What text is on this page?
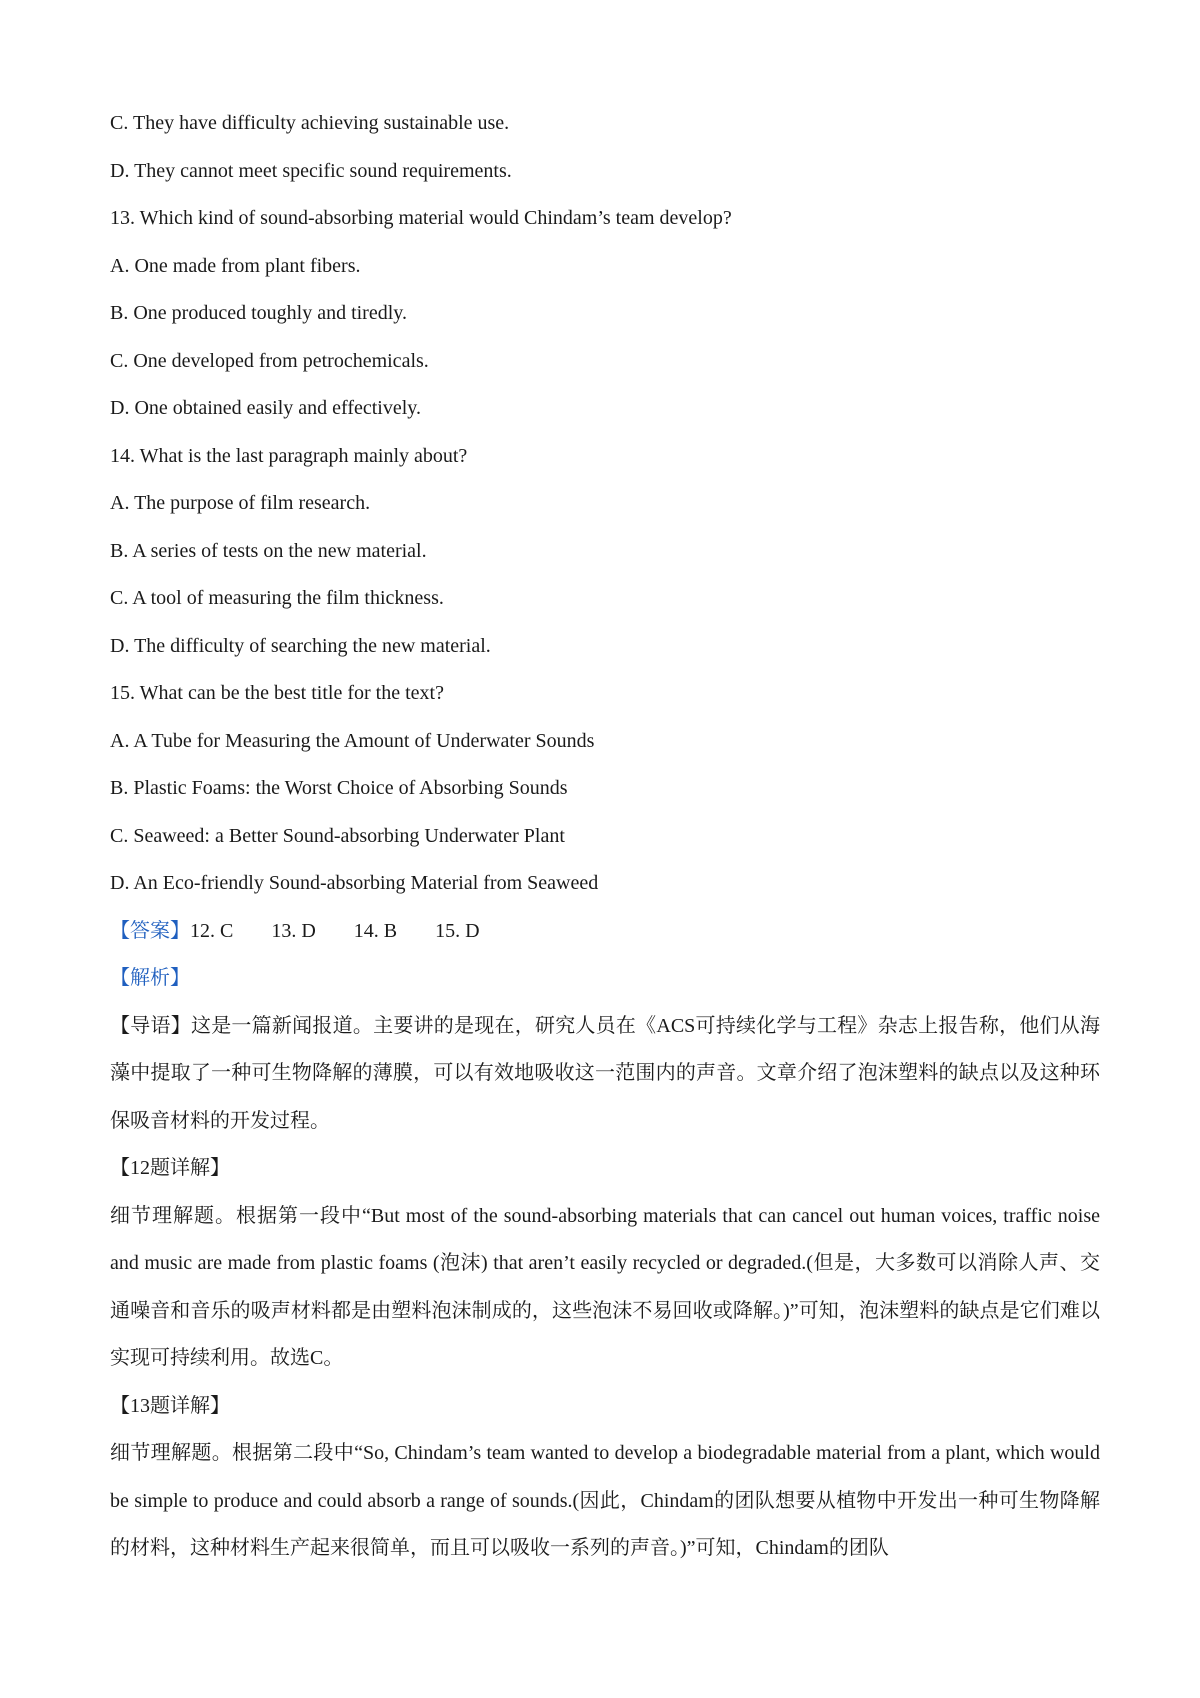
C. They have difficulty achieving sustainable use.
D. They cannot meet specific sound requirements.
13. Which kind of sound-absorbing material would Chindam’s team develop?
A. One made from plant fibers.
B. One produced toughly and tiredly.
C. One developed from petrochemicals.
D. One obtained easily and effectively.
14. What is the last paragraph mainly about?
A. The purpose of film research.
B. A series of tests on the new material.
C. A tool of measuring the film thickness.
D. The difficulty of searching the new material.
15. What can be the best title for the text?
A. A Tube for Measuring the Amount of Underwater Sounds
B. Plastic Foams: the Worst Choice of Absorbing Sounds
C. Seaweed: a Better Sound-absorbing Underwater Plant
D. An Eco-friendly Sound-absorbing Material from Seaweed
【答案】12. C 13. D 14. B 15. D
【解析】

【导语】这是一篇新闻报道。主要讲的是现在，研究人员在《ACS可持续化学与工程》杂志上报告称，他们从海藻中提取了一种可生物降解的薄膜，可以有效地吸收这一范围内的声音。文章介绍了泡沫塑料的缺点以及这种环保吸音材料的开发过程。

【12题详解】

细节理解题。根据第一段中“But most of the sound-absorbing materials that can cancel out human voices, traffic noise and music are made from plastic foams (泡沫) that aren’t easily recycled or degraded.(但是，大多数可以消除人声、交通噪音和音乐的吸声材料都是由塑料泡沫制成的，这些泡沫不易回收或降解。)”可知，泡沫塑料的缺点是它们难以实现可持续利用。故选C。

【13题详解】

细节理解题。根据第二段中“So, Chindam’s team wanted to develop a biodegradable material from a plant, which would be simple to produce and could absorb a range of sounds.(因此，Chindam的团队想要从植物中开发出一种可生物降解的材料，这种材料生产起来很简单，而且可以吸收一系列的声音。)”可知，Chindam的团队
